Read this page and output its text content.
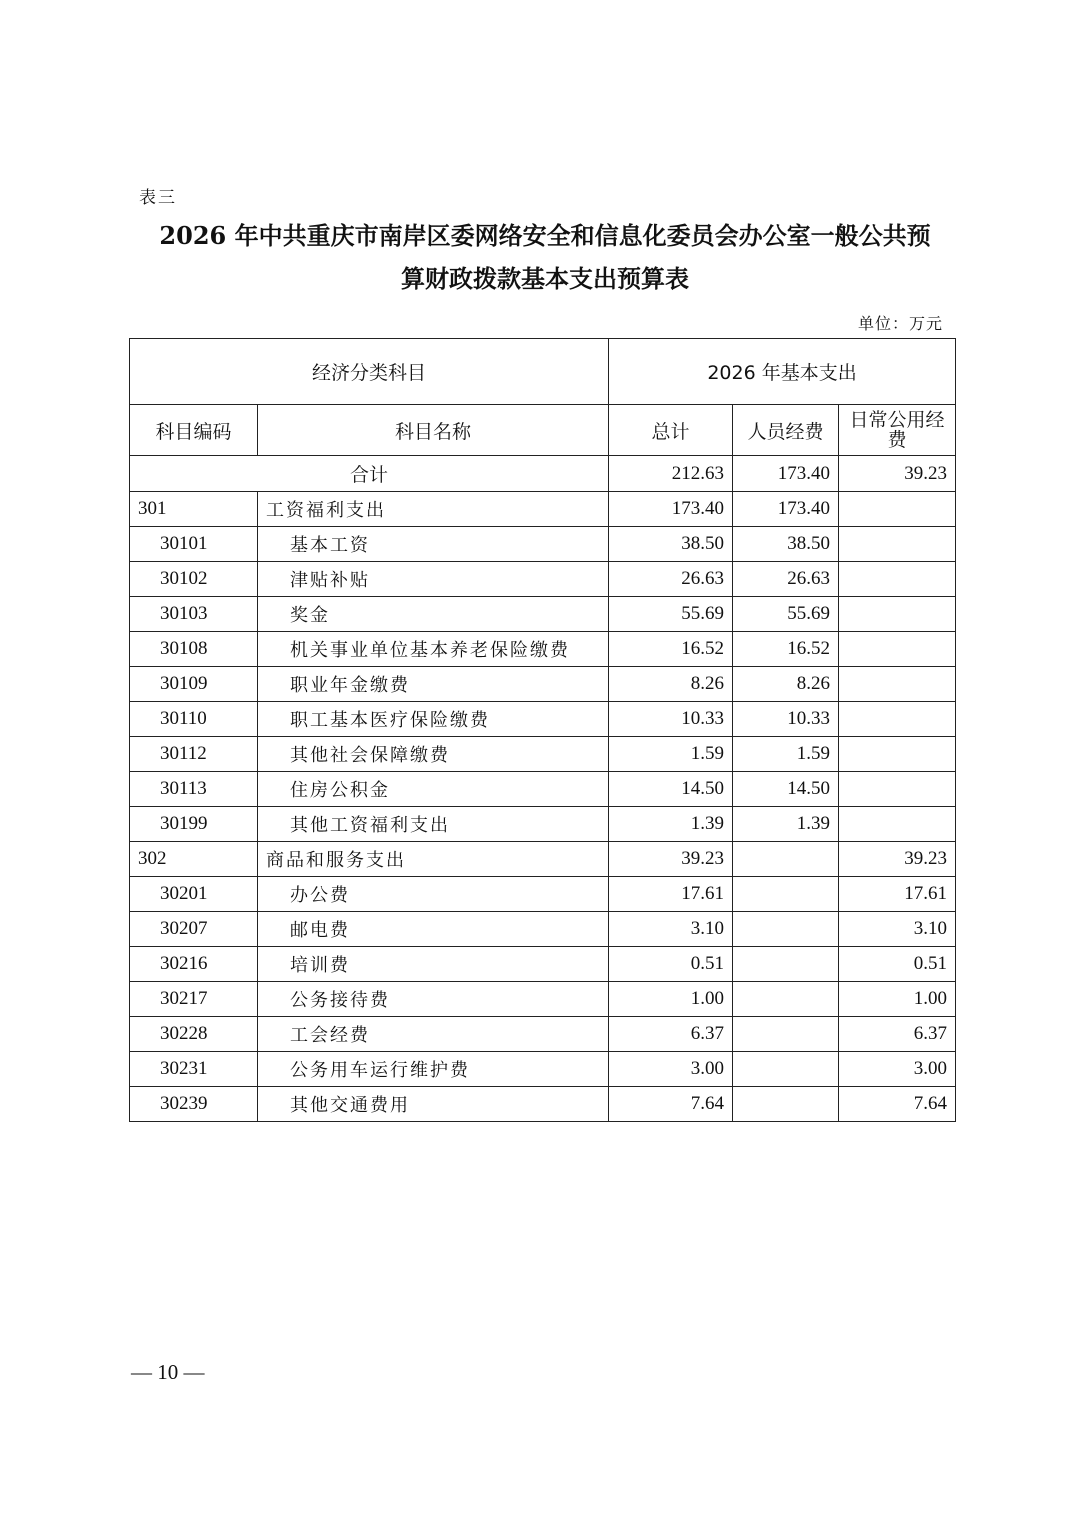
表三
2026 年中共重庆市南岸区委网络安全和信息化委员会办公室一般公共预
算财政拨款基本支出预算表
单位：万元
经济分类科目		2026 年基本支出		
科目编码	科目名称	总计	人员经费	日常公用经费
合计		212.63	173.40	39.23
301	工资福利支出	173.40	173.40	
30101	基本工资	38.50	38.50	
30102	津贴补贴	26.63	26.63	
30103	奖金	55.69	55.69	
30108	机关事业单位基本养老保险缴费	16.52	16.52	
30109	职业年金缴费	8.26	8.26	
30110	职工基本医疗保险缴费	10.33	10.33	
30112	其他社会保障缴费	1.59	1.59	
30113	住房公积金	14.50	14.50	
30199	其他工资福利支出	1.39	1.39	
302	商品和服务支出	39.23		39.23
30201	办公费	17.61		17.61
30207	邮电费	3.10		3.10
30216	培训费	0.51		0.51
30217	公务接待费	1.00		1.00
30228	工会经费	6.37		6.37
30231	公务用车运行维护费	3.00		3.00
30239	其他交通费用	7.64		7.64
— 10 —
